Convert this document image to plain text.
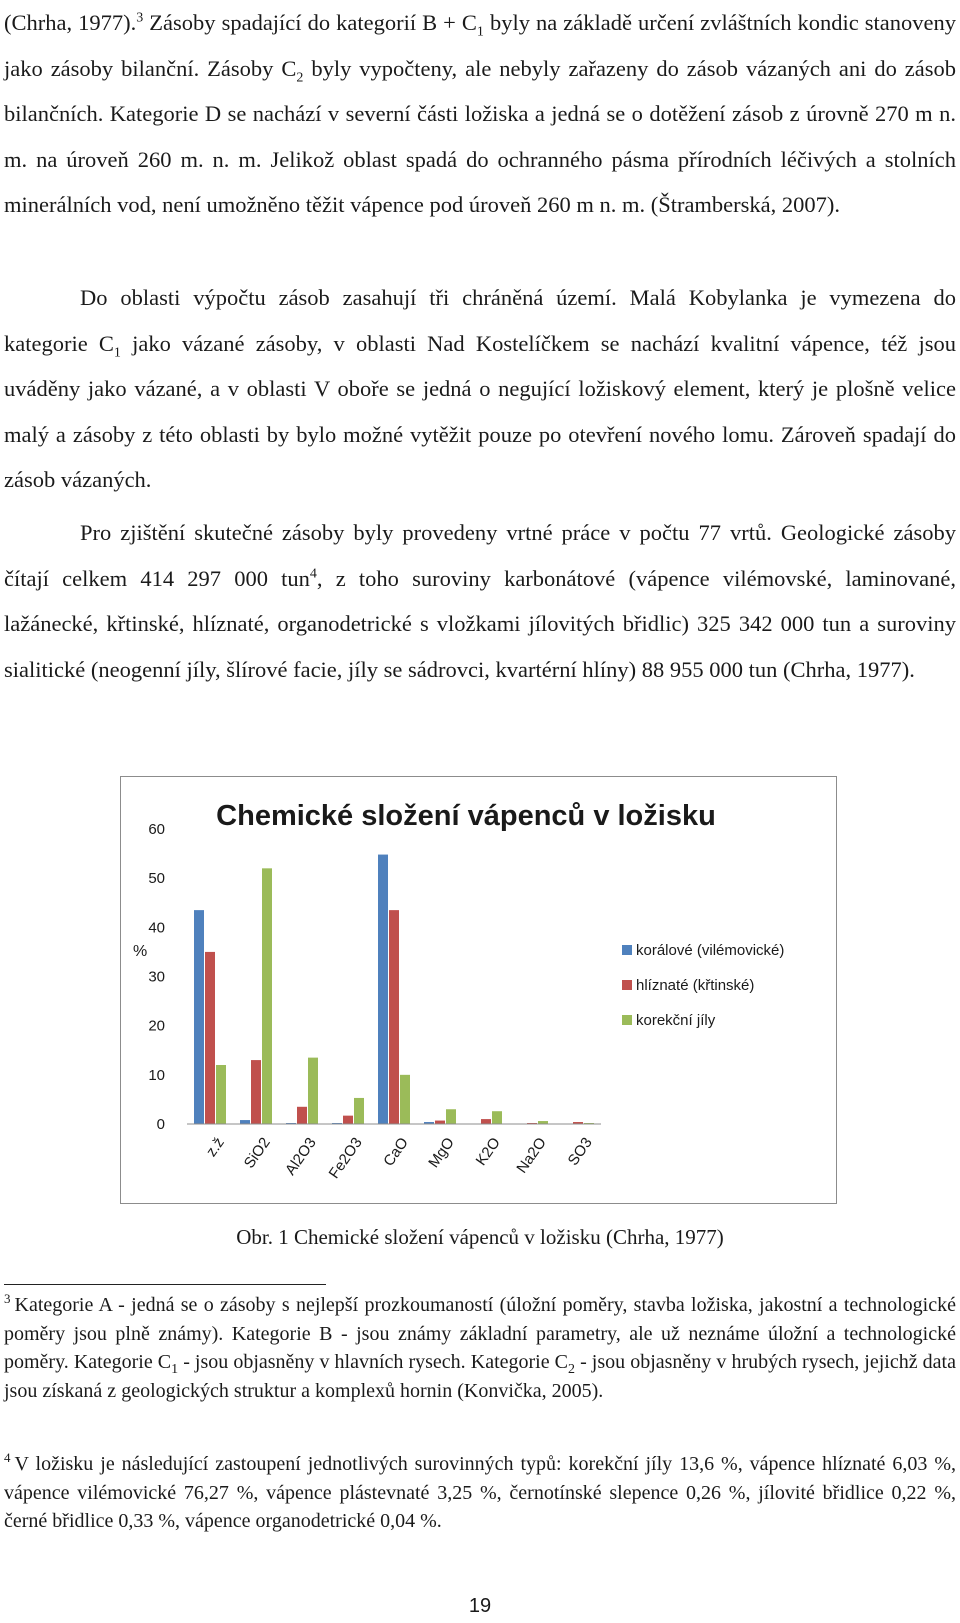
(Chrha, 1977).$^3$ Zásoby spadající do kategorií $B + C_1$ byly na základě určení zvláštních kondic stanoveny jako zásoby bilanční. Zásoby $C_2$ byly vypočteny, ale nebyly zařazeny do zásob vázaných ani do zásob bilančních. Kategorie D se nachází v severní části ložiska a jedná se o dotěžení zásob z úrovně 270 m n. m. na úroveň 260 m. n. m. Jelikož oblast spadá do ochranného pásma přírodních léčivých a stolních minerálních vod, není umožněno těžit vápence pod úroveň 260 m n. m. (Štramberská, 2007).

Do oblasti výpočtu zásob zasahují tři chráněná území. Malá Kobylanka je vymezena do kategorie $C_1$ jako vázané zásoby, v oblasti Nad Kostelíčkem se nachází kvalitní vápence, též jsou uváděny jako vázané, a v oblasti V oboře se jedná o negující ložiskový element, který je plošně velice malý a zásoby z této oblasti by bylo možné vytěžit pouze po otevření nového lomu. Zároveň spadají do zásob vázaných.

Pro zjištění skutečné zásoby byly provedeny vrtné práce v počtu 77 vrtů. Geologické zásoby čítají celkem 414 297 000 tun$^4$, z toho suroviny karbonátové (vápence vilémovské, laminované, lažánecké, křtinské, hlíznaté, organodetrické s vložkami jílovitých břidlic) 325 342 000 tun a suroviny sialitické (neogenní jíly, šlírové facie, jíly se sádrovci, kvartérní hlíny) 88 955 000 tun (Chrha, 1977).

Chemické složení vápenců v ložisku
%
0
10
20
30
40
50
60
z.ž SiO2 Al2O3 Fe2O3 CaO MgO K2O Na2O SO3
korálové (vilémovické)
hlíznaté (křtinské)
korekční jíly
Obr. 1 Chemické složení vápenců v ložisku (Chrha, 1977)

$^3$ Kategorie A - jedná se o zásoby s nejlepší prozkoumaností (úložní poměry, stavba ložiska, jakostní a technologické poměry jsou plně známy). Kategorie B - jsou známy základní parametry, ale už neznáme úložní a technologické poměry. Kategorie $C_1$ - jsou objasněny v hlavních rysech. Kategorie $C_2$ - jsou objasněny v hrubých rysech, jejichž data jsou získaná z geologických struktur a komplexů hornin (Konvička, 2005).

$^4$ V ložisku je následující zastoupení jednotlivých surovinných typů: korekční jíly 13,6 %, vápence hlíznaté 6,03 %, vápence vilémovické 76,27 %, vápence plástevnaté 3,25 %, černotínské slepence 0,26 %, jílovité břidlice 0,22 %, černé břidlice 0,33 %, vápence organodetrické 0,04 %.

19
